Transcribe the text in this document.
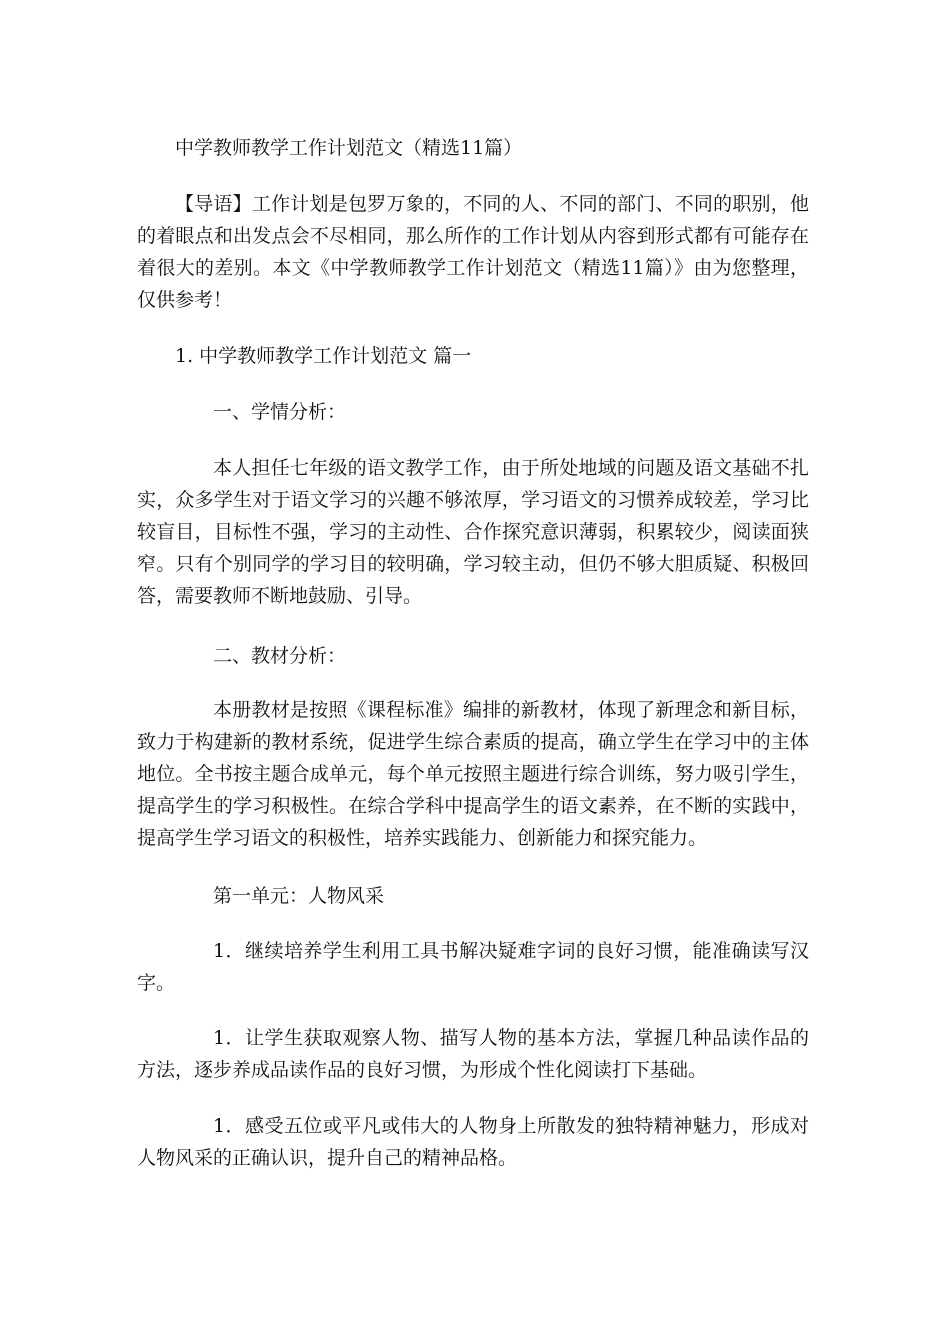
中学教师教学工作计划范文（精选11篇）

【导语】工作计划是包罗万象的，不同的人、不同的部门、不同的职别，他的着眼点和出发点会不尽相同，那么所作的工作计划从内容到形式都有可能存在着很大的差别。本文《中学教师教学工作计划范文（精选11篇）》由为您整理，仅供参考！

1. 中学教师教学工作计划范文 篇一
一、学情分析：

本人担任七年级的语文教学工作，由于所处地域的问题及语文基础不扎实，众多学生对于语文学习的兴趣不够浓厚，学习语文的习惯养成较差，学习比较盲目，目标性不强，学习的主动性、合作探究意识薄弱，积累较少，阅读面狭窄。只有个别同学的学习目的较明确，学习较主动，但仍不够大胆质疑、积极回答，需要教师不断地鼓励、引导。

二、教材分析：

本册教材是按照《课程标准》编排的新教材，体现了新理念和新目标，致力于构建新的教材系统，促进学生综合素质的提高，确立学生在学习中的主体地位。全书按主题合成单元，每个单元按照主题进行综合训练，努力吸引学生，提高学生的学习积极性。在综合学科中提高学生的语文素养，在不断的实践中，提高学生学习语文的积极性，培养实践能力、创新能力和探究能力。

第一单元：人物风采

1．继续培养学生利用工具书解决疑难字词的良好习惯，能准确读写汉字。

1．让学生获取观察人物、描写人物的基本方法，掌握几种品读作品的方法，逐步养成品读作品的良好习惯，为形成个性化阅读打下基础。

1．感受五位或平凡或伟大的人物身上所散发的独特精神魅力，形成对人物风采的正确认识，提升自己的精神品格。
